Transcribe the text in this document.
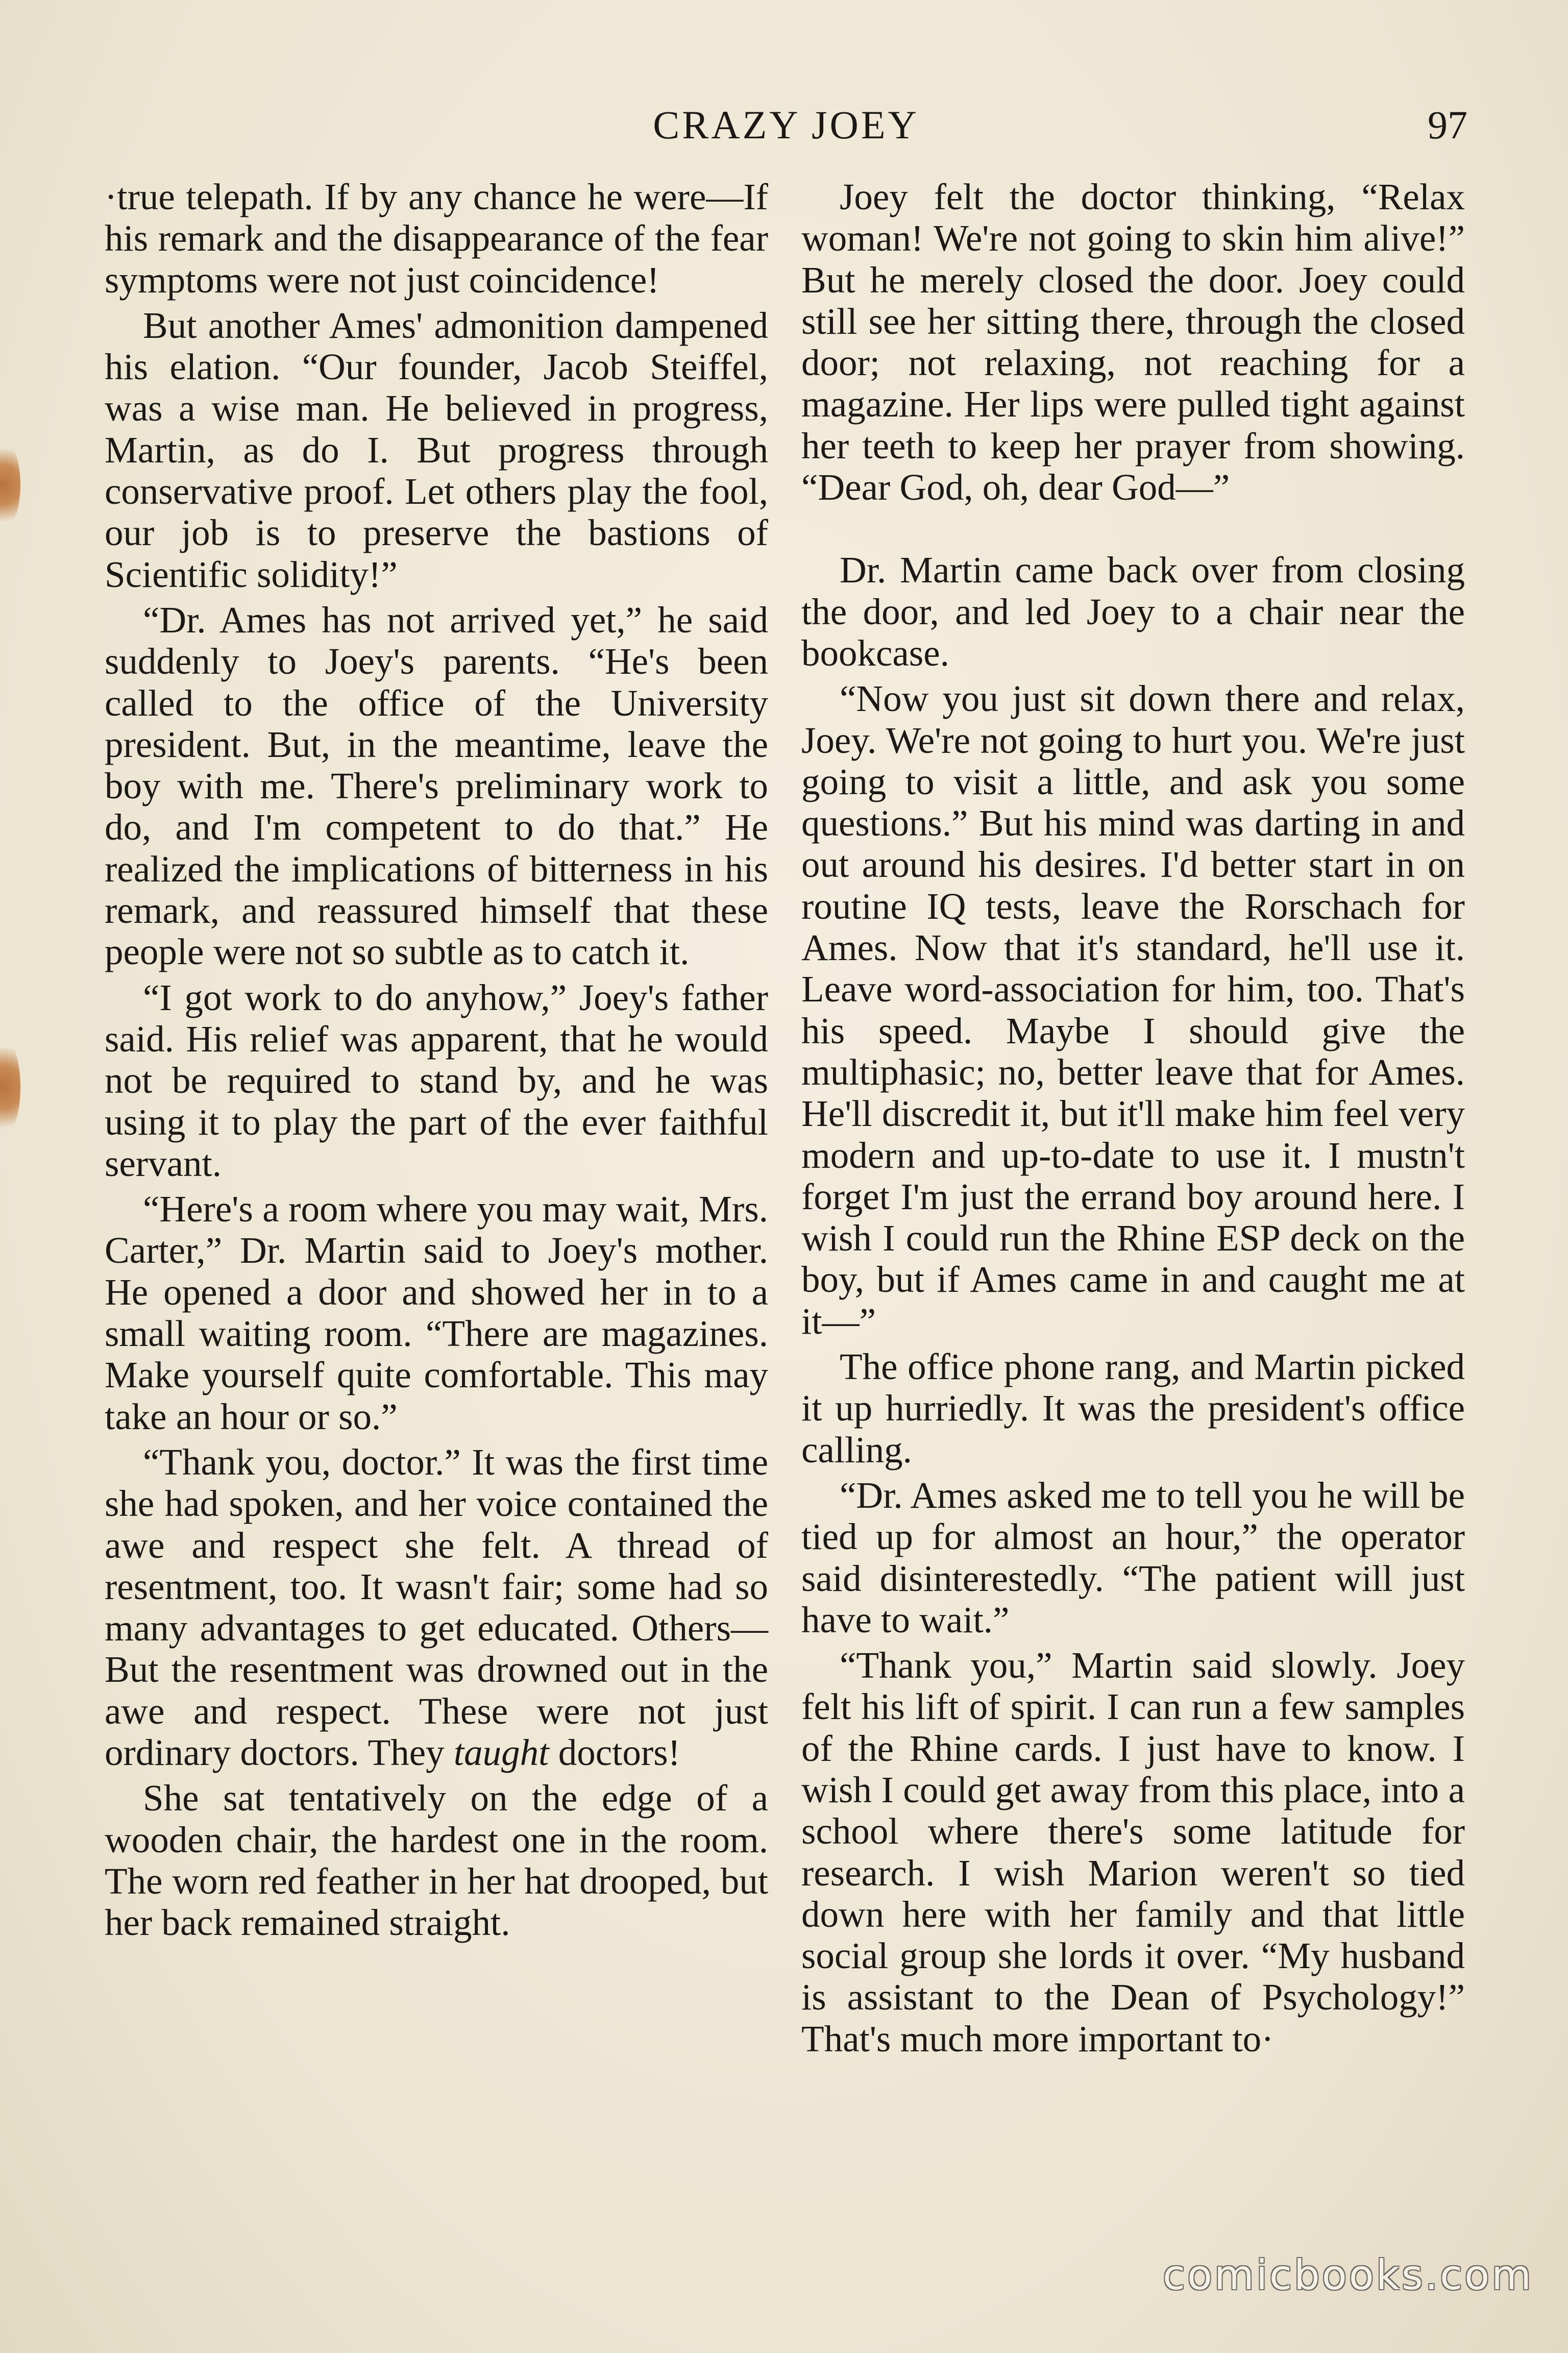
CRAZY JOEY	97

·true telepath. If by any chance he were—If his remark and the disappearance of the fear symptoms were not just coincidence!

But another Ames' admonition dampened his elation. “Our founder, Jacob Steiffel, was a wise man. He believed in progress, Martin, as do I. But progress through conservative proof. Let others play the fool, our job is to preserve the bastions of Scientific solidity!”

“Dr. Ames has not arrived yet,” he said suddenly to Joey's parents. “He's been called to the office of the University president. But, in the meantime, leave the boy with me. There's preliminary work to do, and I'm competent to do that.” He realized the implications of bitterness in his remark, and reassured himself that these people were not so subtle as to catch it.

“I got work to do anyhow,” Joey's father said. His relief was apparent, that he would not be required to stand by, and he was using it to play the part of the ever faithful servant.

“Here's a room where you may wait, Mrs. Carter,” Dr. Martin said to Joey's mother. He opened a door and showed her in to a small waiting room. “There are magazines. Make yourself quite comfortable. This may take an hour or so.”

“Thank you, doctor.” It was the first time she had spoken, and her voice contained the awe and respect she felt. A thread of resentment, too. It wasn't fair; some had so many advantages to get educated. Others— But the resentment was drowned out in the awe and respect. These were not just ordinary doctors. They taught doctors!

She sat tentatively on the edge of a wooden chair, the hardest one in the room. The worn red feather in her hat drooped, but her back remained straight.

Joey felt the doctor thinking, “Relax woman! We're not going to skin him alive!” But he merely closed the door. Joey could still see her sitting there, through the closed door; not relaxing, not reaching for a magazine. Her lips were pulled tight against her teeth to keep her prayer from showing. “Dear God, oh, dear God—”

Dr. Martin came back over from closing the door, and led Joey to a chair near the bookcase.

“Now you just sit down there and relax, Joey. We're not going to hurt you. We're just going to visit a little, and ask you some questions.” But his mind was darting in and out around his desires. I'd better start in on routine IQ tests, leave the Rorschach for Ames. Now that it's standard, he'll use it. Leave word-association for him, too. That's his speed. Maybe I should give the multiphasic; no, better leave that for Ames. He'll discredit it, but it'll make him feel very modern and up-to-date to use it. I mustn't forget I'm just the errand boy around here. I wish I could run the Rhine ESP deck on the boy, but if Ames came in and caught me at it—”

The office phone rang, and Martin picked it up hurriedly. It was the president's office calling.

“Dr. Ames asked me to tell you he will be tied up for almost an hour,” the operator said disinterestedly. “The patient will just have to wait.”

“Thank you,” Martin said slowly. Joey felt his lift of spirit. I can run a few samples of the Rhine cards. I just have to know. I wish I could get away from this place, into a school where there's some latitude for research. I wish Marion weren't so tied down here with her family and that little social group she lords it over. “My husband is assistant to the Dean of Psychology!” That's much more important to·

comicbooks.com
